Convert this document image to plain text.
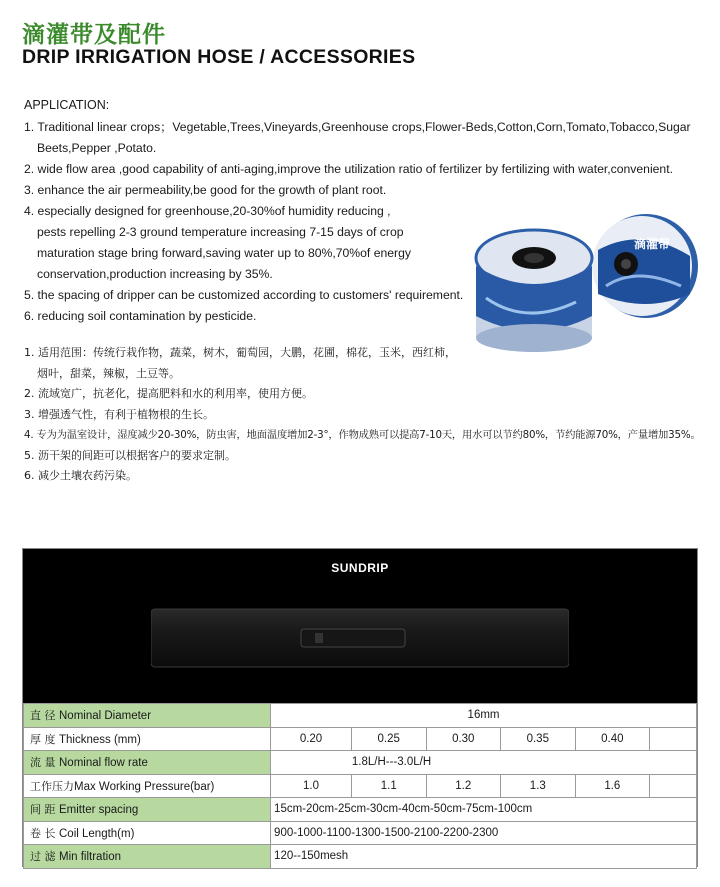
滴灌带及配件
DRIP IRRIGATION HOSE / ACCESSORIES
APPLICATION:
1. Traditional linear crops；Vegetable,Trees,Vineyards,Greenhouse crops,Flower-Beds,Cotton,Corn,Tomato,Tobacco,Sugar
Beets,Pepper ,Potato.
2. wide flow area ,good capability of anti-aging,improve the utilization ratio of fertilizer by fertilizing with water,convenient.
3. enhance the air permeability,be good for the growth of plant root.
4. especially designed for greenhouse,20-30%of humidity reducing ,
pests repelling 2-3 ground temperature increasing 7-15 days of crop
maturation stage bring forward,saving water up to 80%,70%of energy
conservation,production increasing by 35%.
5. the spacing of dripper can be customized according to customers' requirement.
6. reducing soil contamination by pesticide.
滴灌带
1. 适用范围：传统行栽作物，蔬菜，树木，葡萄园，大鹏，花圃，棉花，玉米，西红柿，
烟叶，甜菜，辣椒，土豆等。
2. 流域宽广，抗老化，提高肥料和水的利用率，使用方便。
3. 增强透气性，有利于植物根的生长。
4. 专为为温室设计，湿度减少20-30%，防虫害，地面温度增加2-3°，作物成熟可以提高7-10天，用水可以节约80%，节约能源70%，产量增加35%。
5. 沥干架的间距可以根据客户的要求定制。
6. 减少土壤农药污染。
SUNDRIP
直 径 Nominal Diameter	16mm					
厚 度 Thickness (mm)	0.20	0.25	0.30	0.35	0.40	
流 量 Nominal flow rate	1.8L/H---3.0L/H					
工作压力Max Working Pressure(bar)	1.0	1.1	1.2	1.3	1.6	
间 距 Emitter spacing	15cm-20cm-25cm-30cm-40cm-50cm-75cm-100cm					
卷 长 Coil Length(m)	900-1000-1100-1300-1500-2100-2200-2300					
过 滤 Min filtration	120--150mesh					
